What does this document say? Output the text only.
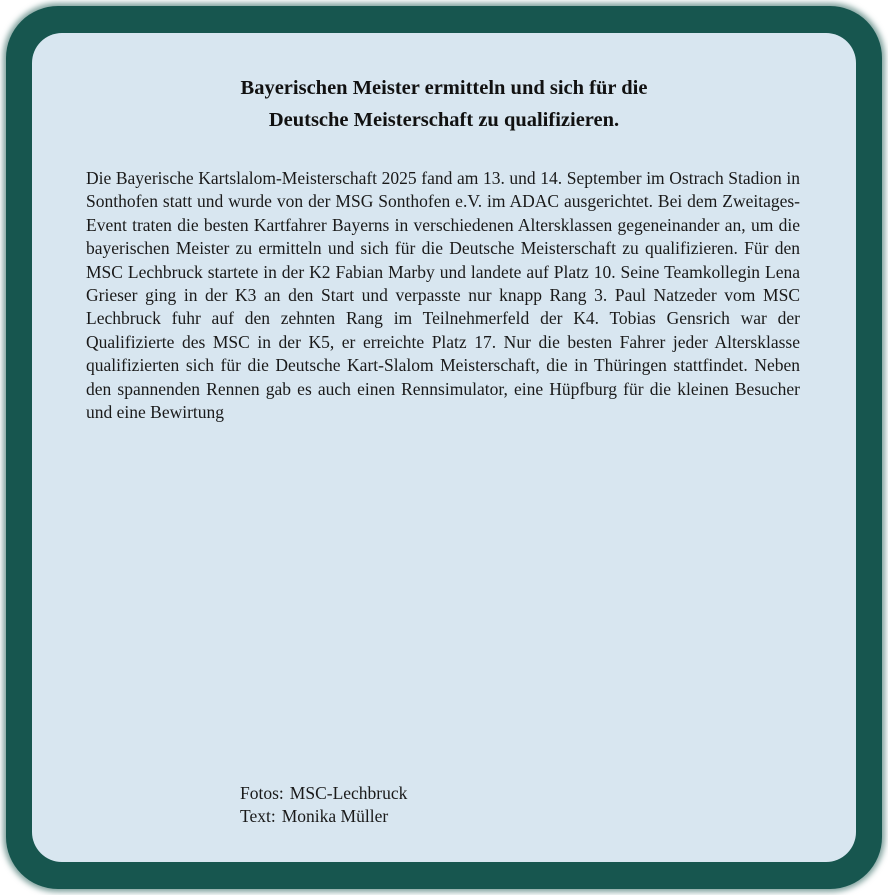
Bayerischen Meister ermitteln und sich für die
Deutsche Meisterschaft zu qualifizieren.

Die Bayerische Kartslalom-Meisterschaft 2025 fand am 13. und 14. September im Ostrach Stadion in Sonthofen statt und wurde von der MSG Sonthofen e.V. im ADAC ausgerichtet. Bei dem Zweitages-Event traten die besten Kartfahrer Bayerns in verschiedenen Altersklassen gegeneinander an, um die bayerischen Meister zu ermitteln und sich für die Deutsche Meisterschaft zu qualifizieren. Für den MSC Lechbruck startete in der K2 Fabian Marby und landete auf Platz 10. Seine Teamkollegin Lena Grieser ging in der K3 an den Start und verpasste nur knapp Rang 3. Paul Natzeder vom MSC Lechbruck fuhr auf den zehnten Rang im Teilnehmerfeld der K4. Tobias Gensrich war der Qualifizierte des MSC in der K5, er erreichte Platz 17. Nur die besten Fahrer jeder Altersklasse qualifizierten sich für die Deutsche Kart-Slalom Meisterschaft, die in Thüringen stattfindet. Neben den spannenden Rennen gab es auch einen Rennsimulator, eine Hüpfburg für die kleinen Besucher und eine Bewirtung

Fotos: MSC-Lechbruck
Text: Monika Müller
